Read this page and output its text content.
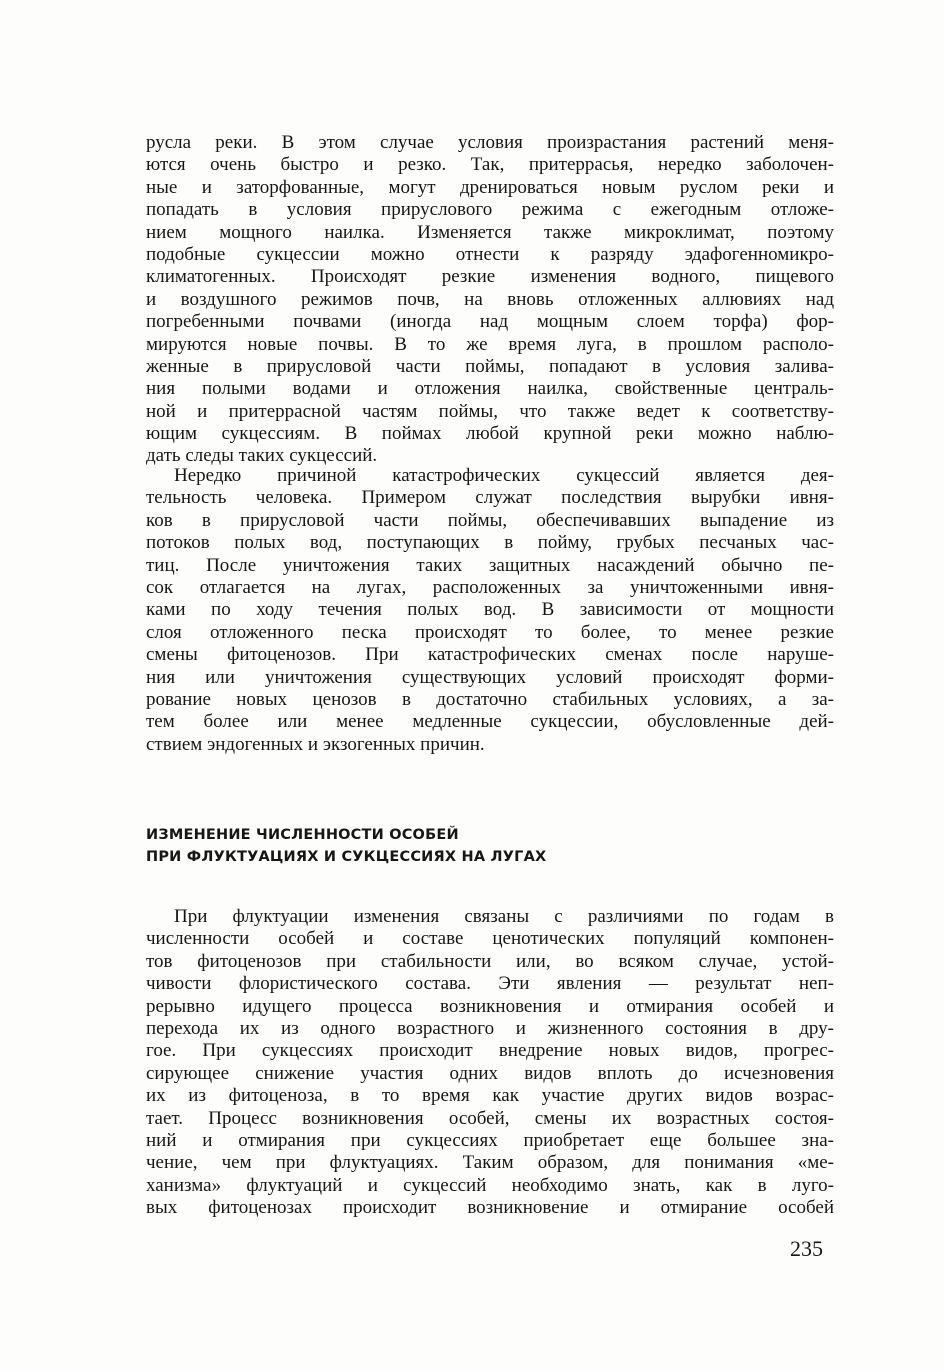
русла реки. В этом случае условия произрастания растений меня-
ются очень быстро и резко. Так, притеррасья, нередко заболочен-
ные и заторфованные, могут дренироваться новым руслом реки и
попадать в условия прируслового режима с ежегодным отложе-
нием мощного наилка. Изменяется также микроклимат, поэтому
подобные сукцессии можно отнести к разряду эдафогенномикро-
климатогенных. Происходят резкие изменения водного, пищевого
и воздушного режимов почв, на вновь отложенных аллювиях над
погребенными почвами (иногда над мощным слоем торфа) фор-
мируются новые почвы. В то же время луга, в прошлом располо-
женные в прирусловой части поймы, попадают в условия залива-
ния полыми водами и отложения наилка, свойственные централь-
ной и притеррасной частям поймы, что также ведет к соответству-
ющим сукцессиям. В поймах любой крупной реки можно наблю-
дать следы таких сукцессий.
Нередко причиной катастрофических сукцессий является дея-
тельность человека. Примером служат последствия вырубки ивня-
ков в прирусловой части поймы, обеспечивавших выпадение из
потоков полых вод, поступающих в пойму, грубых песчаных час-
тиц. После уничтожения таких защитных насаждений обычно пе-
сок отлагается на лугах, расположенных за уничтоженными ивня-
ками по ходу течения полых вод. В зависимости от мощности
слоя отложенного песка происходят то более, то менее резкие
смены фитоценозов. При катастрофических сменах после наруше-
ния или уничтожения существующих условий происходят форми-
рование новых ценозов в достаточно стабильных условиях, а за-
тем более или менее медленные сукцессии, обусловленные дей-
ствием эндогенных и экзогенных причин.
ИЗМЕНЕНИЕ ЧИСЛЕННОСТИ ОСОБЕЙ
ПРИ ФЛУКТУАЦИЯХ И СУКЦЕССИЯХ НА ЛУГАХ
При флуктуации изменения связаны с различиями по годам в
численности особей и составе ценотических популяций компонен-
тов фитоценозов при стабильности или, во всяком случае, устой-
чивости флористического состава. Эти явления — результат неп-
рерывно идущего процесса возникновения и отмирания особей и
перехода их из одного возрастного и жизненного состояния в дру-
гое. При сукцессиях происходит внедрение новых видов, прогрес-
сирующее снижение участия одних видов вплоть до исчезновения
их из фитоценоза, в то время как участие других видов возрас-
тает. Процесс возникновения особей, смены их возрастных состоя-
ний и отмирания при сукцессиях приобретает еще большее зна-
чение, чем при флуктуациях. Таким образом, для понимания «ме-
ханизма» флуктуаций и сукцессий необходимо знать, как в луго-
вых фитоценозах происходит возникновение и отмирание особей
235
